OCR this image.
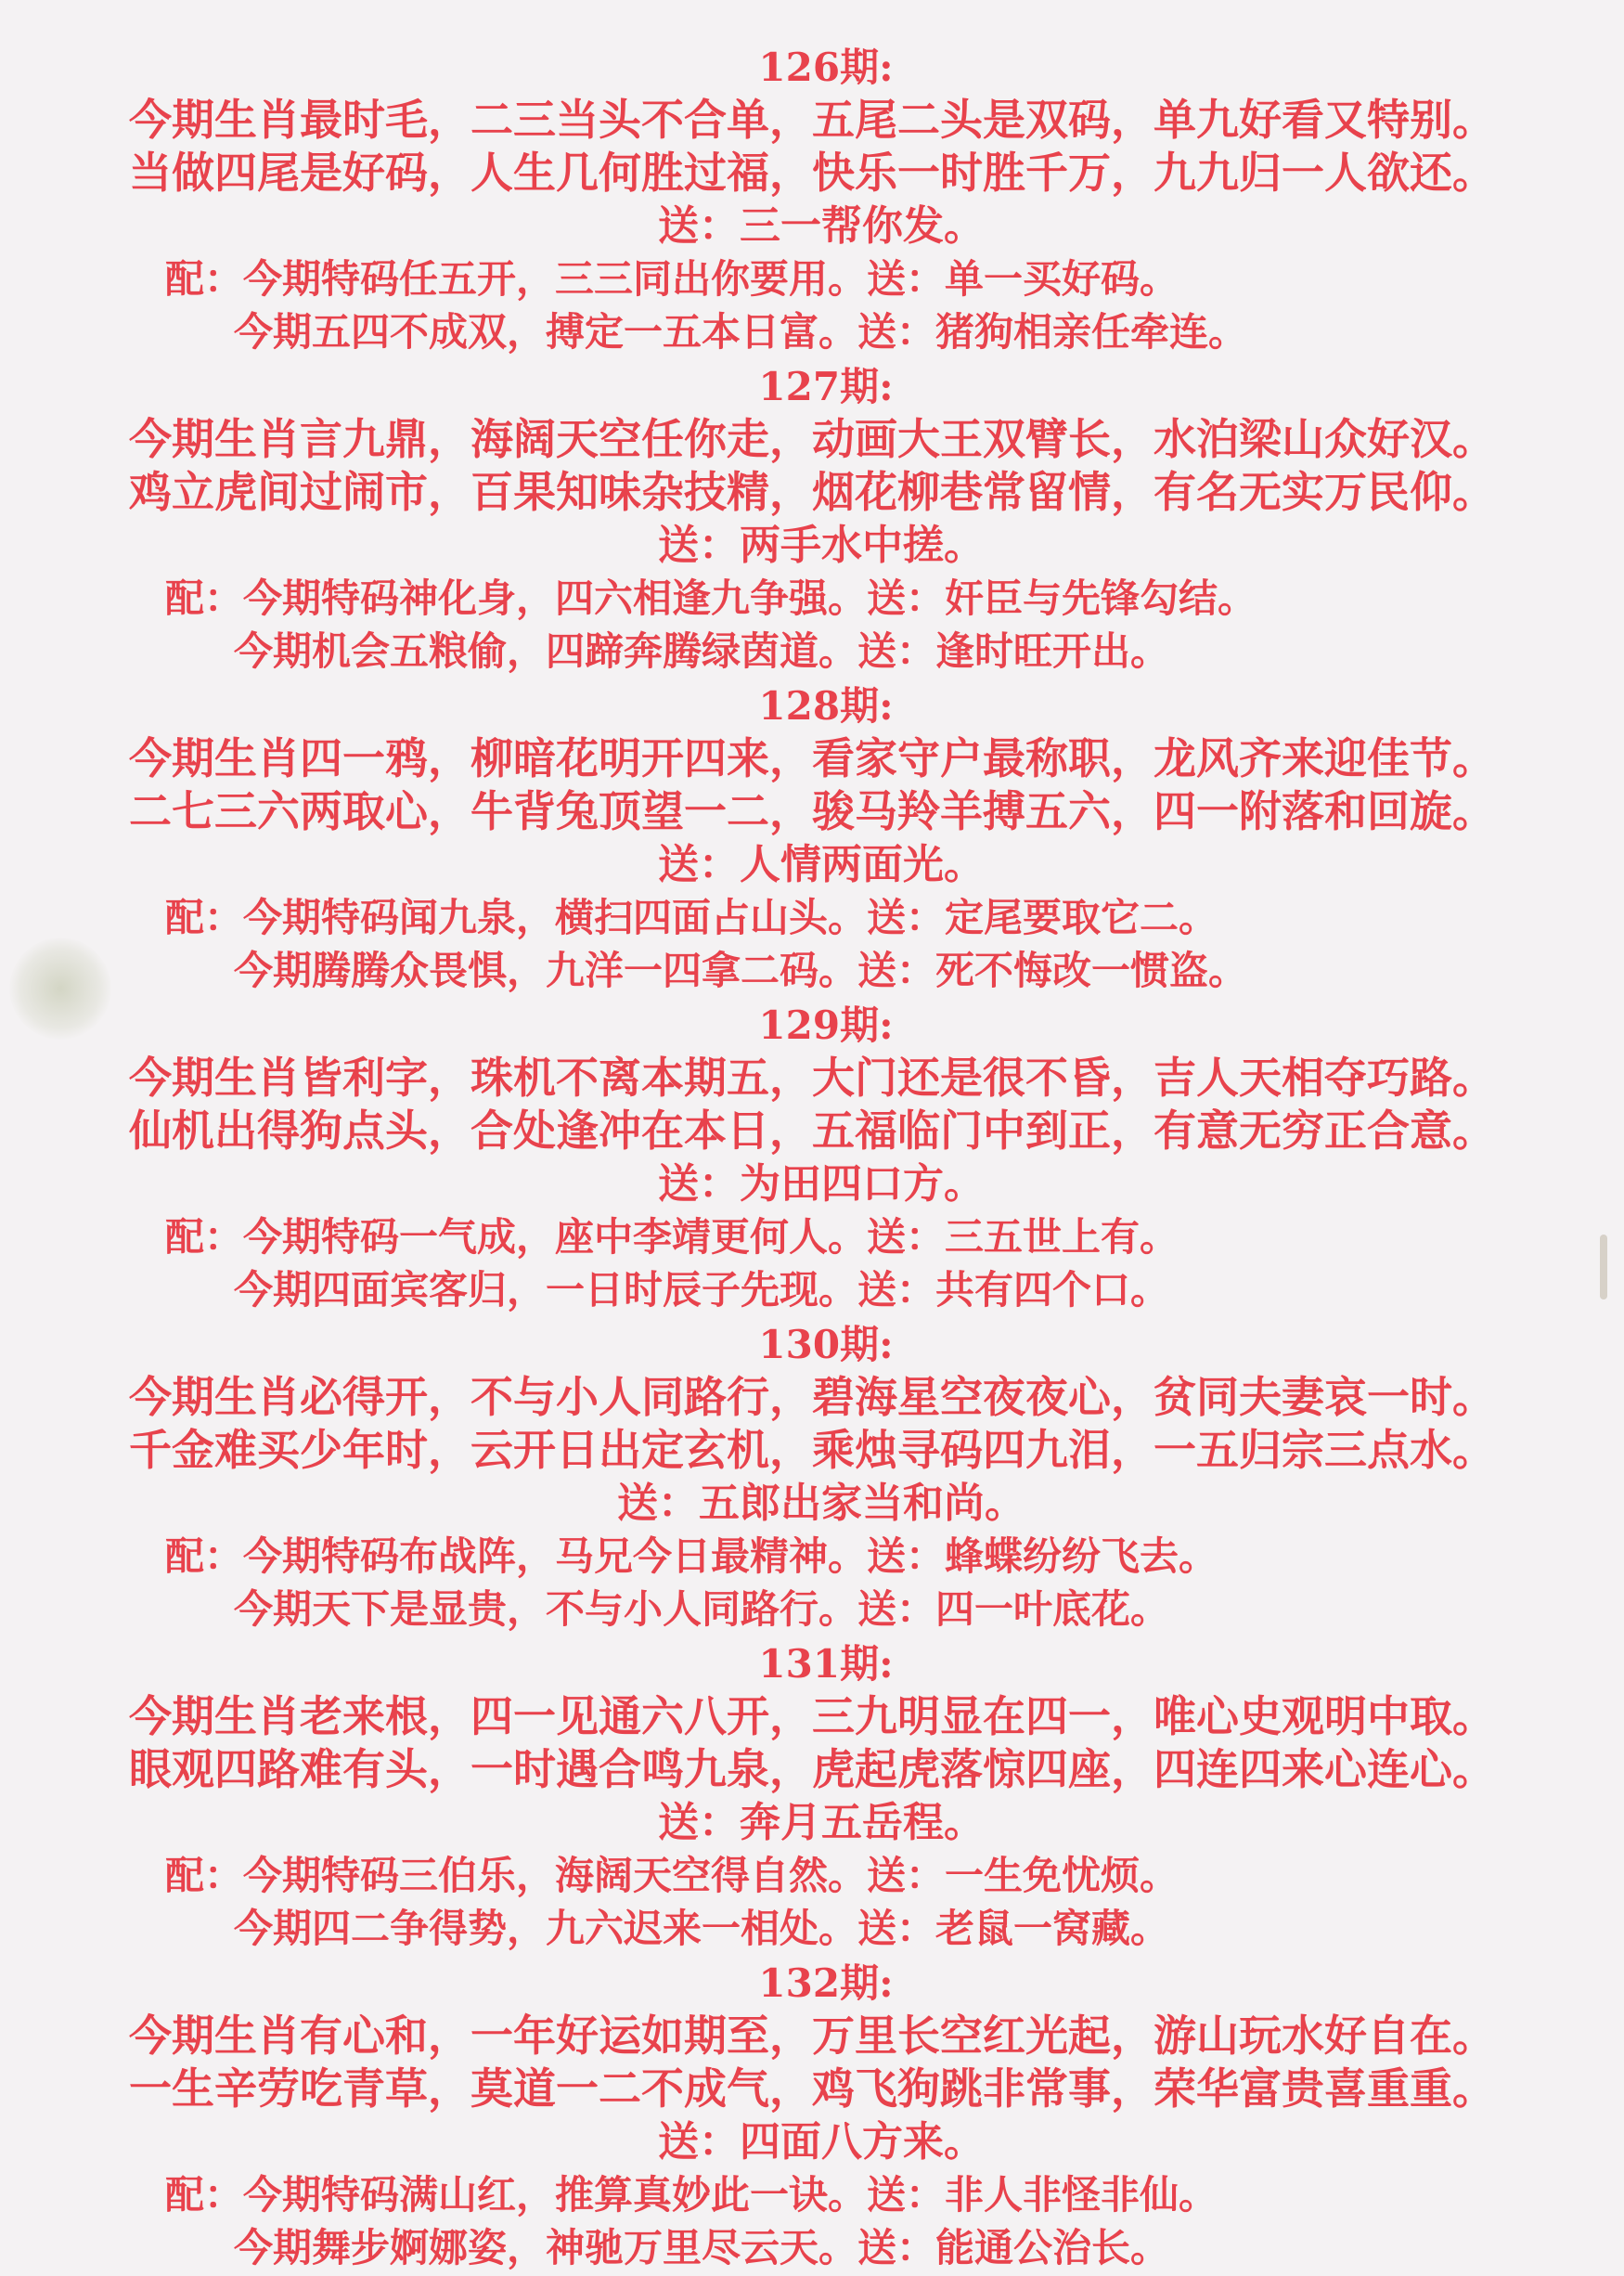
126期:
今期生肖最时毛，二三当头不合单，五尾二头是双码，单九好看又特别。
当做四尾是好码，人生几何胜过福，快乐一时胜千万，九九归一人欲还。
送：三一帮你发。
配：今期特码任五开，三三同出你要用。送：单一买好码。
今期五四不成双，搏定一五本日富。送：猪狗相亲任牵连。
127期:
今期生肖言九鼎，海阔天空任你走，动画大王双臂长，水泊梁山众好汉。
鸡立虎间过闹市，百果知味杂技精，烟花柳巷常留情，有名无实万民仰。
送：两手水中搓。
配：今期特码神化身，四六相逢九争强。送：奸臣与先锋勾结。
今期机会五粮偷，四蹄奔腾绿茵道。送：逢时旺开出。
128期:
今期生肖四一鸦，柳暗花明开四来，看家守户最称职，龙风齐来迎佳节。
二七三六两取心，牛背兔顶望一二，骏马羚羊搏五六，四一附落和回旋。
送：人情两面光。
配：今期特码闻九泉，横扫四面占山头。送：定尾要取它二。
今期腾腾众畏惧，九洋一四拿二码。送：死不悔改一惯盗。
129期:
今期生肖皆利字，珠机不离本期五，大门还是很不昏，吉人天相夺巧路。
仙机出得狗点头，合处逢冲在本日，五福临门中到正，有意无穷正合意。
送：为田四口方。
配：今期特码一气成，座中李靖更何人。送：三五世上有。
今期四面宾客归，一日时辰子先现。送：共有四个口。
130期:
今期生肖必得开，不与小人同路行，碧海星空夜夜心，贫同夫妻哀一时。
千金难买少年时，云开日出定玄机，乘烛寻码四九泪，一五归宗三点水。
送：五郎出家当和尚。
配：今期特码布战阵，马兄今日最精神。送：蜂蝶纷纷飞去。
今期天下是显贵，不与小人同路行。送：四一叶底花。
131期:
今期生肖老来根，四一见通六八开，三九明显在四一，唯心史观明中取。
眼观四路难有头，一时遇合鸣九泉，虎起虎落惊四座，四连四来心连心。
送：奔月五岳程。
配：今期特码三伯乐，海阔天空得自然。送：一生免忧烦。
今期四二争得势，九六迟来一相处。送：老鼠一窝藏。
132期:
今期生肖有心和，一年好运如期至，万里长空红光起，游山玩水好自在。
一生辛劳吃青草，莫道一二不成气，鸡飞狗跳非常事，荣华富贵喜重重。
送：四面八方来。
配：今期特码满山红，推算真妙此一诀。送：非人非怪非仙。
今期舞步婀娜姿，神驰万里尽云天。送：能通公治长。
